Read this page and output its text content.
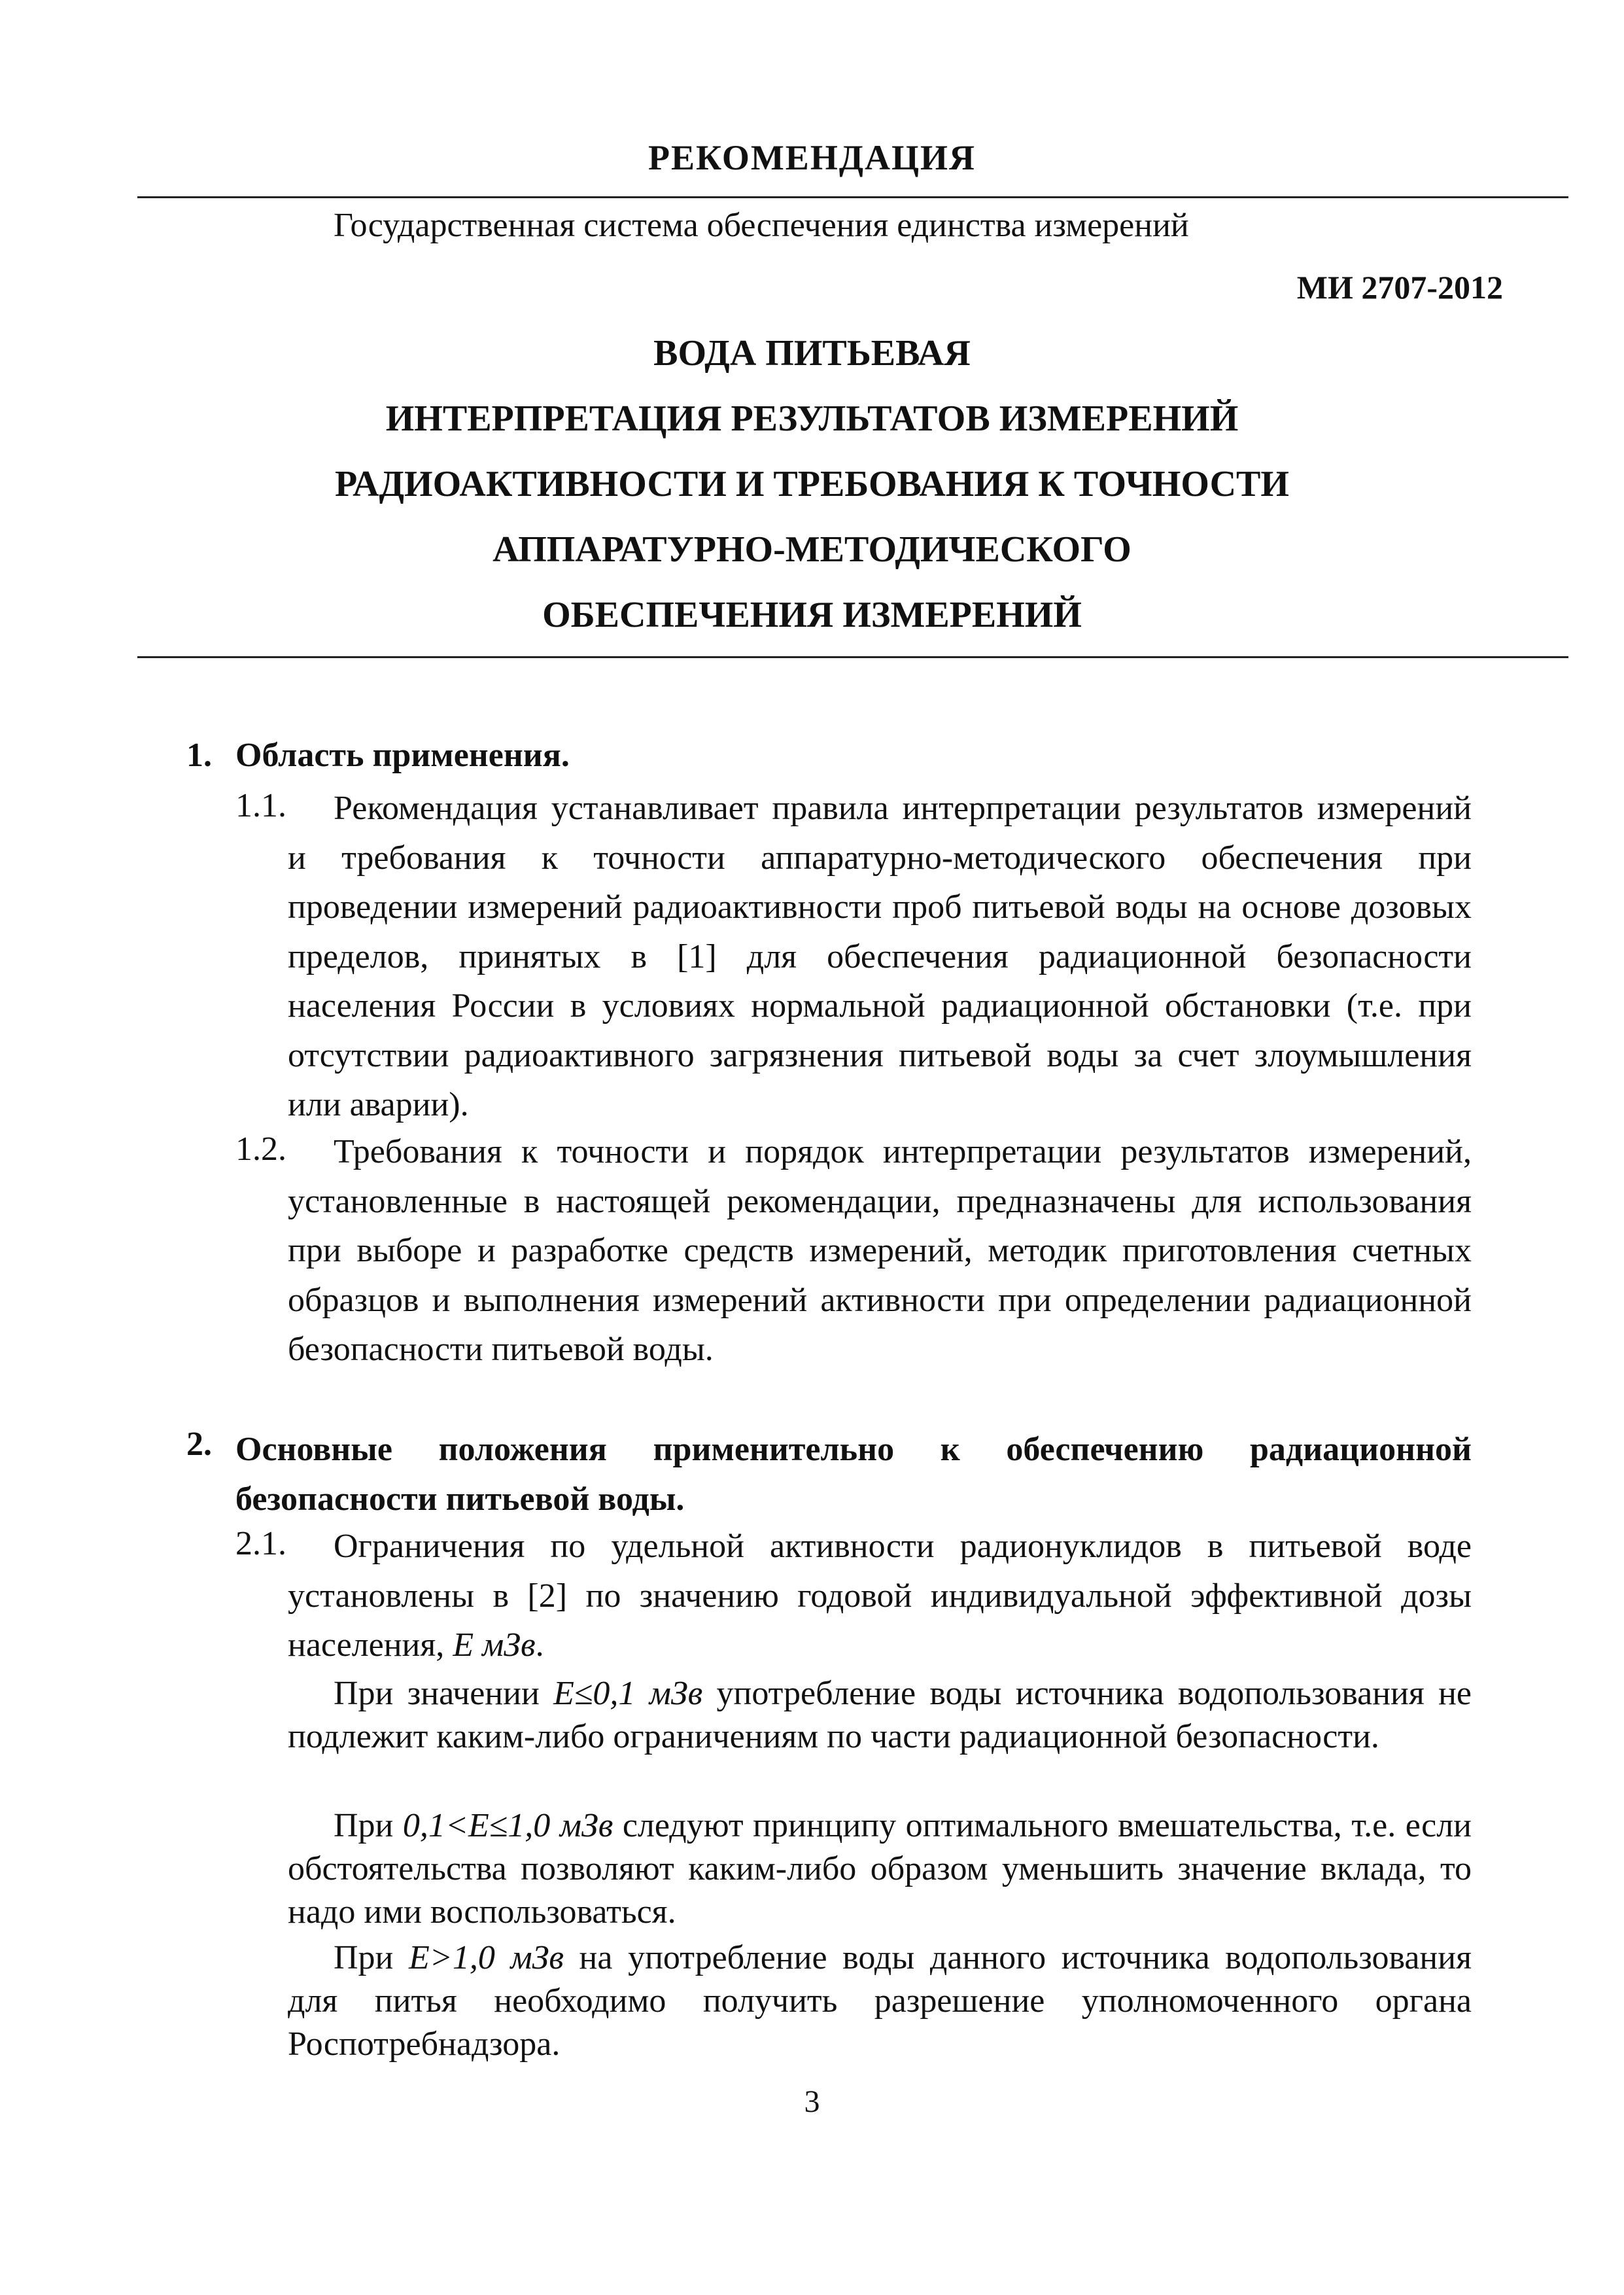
РЕКОМЕНДАЦИЯ
Государственная система обеспечения единства измерений
МИ 2707-2012
ВОДА ПИТЬЕВАЯ
ИНТЕРПРЕТАЦИЯ РЕЗУЛЬТАТОВ ИЗМЕРЕНИЙ
РАДИОАКТИВНОСТИ И ТРЕБОВАНИЯ К ТОЧНОСТИ
АППАРАТУРНО-МЕТОДИЧЕСКОГО
ОБЕСПЕЧЕНИЯ ИЗМЕРЕНИЙ
1. Область применения.
1.1.	Рекомендация устанавливает правила интерпретации результатов измерений и требования к точности аппаратурно-методического обеспечения при проведении измерений радиоактивности проб питьевой воды на основе дозовых пределов, принятых в [1] для обеспечения радиационной безопасности населения России в условиях нормальной радиационной обстановки (т.е. при отсутствии радиоактивного загрязнения питьевой воды за счет злоумышления или аварии).
1.2.	Требования к точности и порядок интерпретации результатов измерений, установленные в настоящей рекомендации, предназначены для использования при выборе и разработке средств измерений, методик приготовления счетных образцов и выполнения измерений активности при определении радиационной безопасности питьевой воды.
2. Основные положения применительно к обеспечению радиационной безопасности питьевой воды.
2.1.	Ограничения по удельной активности радионуклидов в питьевой воде установлены в [2] по значению годовой индивидуальной эффективной дозы населения, Е мЗв.
При значении Е≤0,1 мЗв употребление воды источника водопользования не подлежит каким-либо ограничениям по части радиационной безопасности.
При 0,1<Е≤1,0 мЗв следуют принципу оптимального вмешательства, т.е. если обстоятельства позволяют каким-либо образом уменьшить значение вклада, то надо ими воспользоваться.
При Е>1,0 мЗв на употребление воды данного источника водопользования для питья необходимо получить разрешение уполномоченного органа Роспотребнадзора.
3
